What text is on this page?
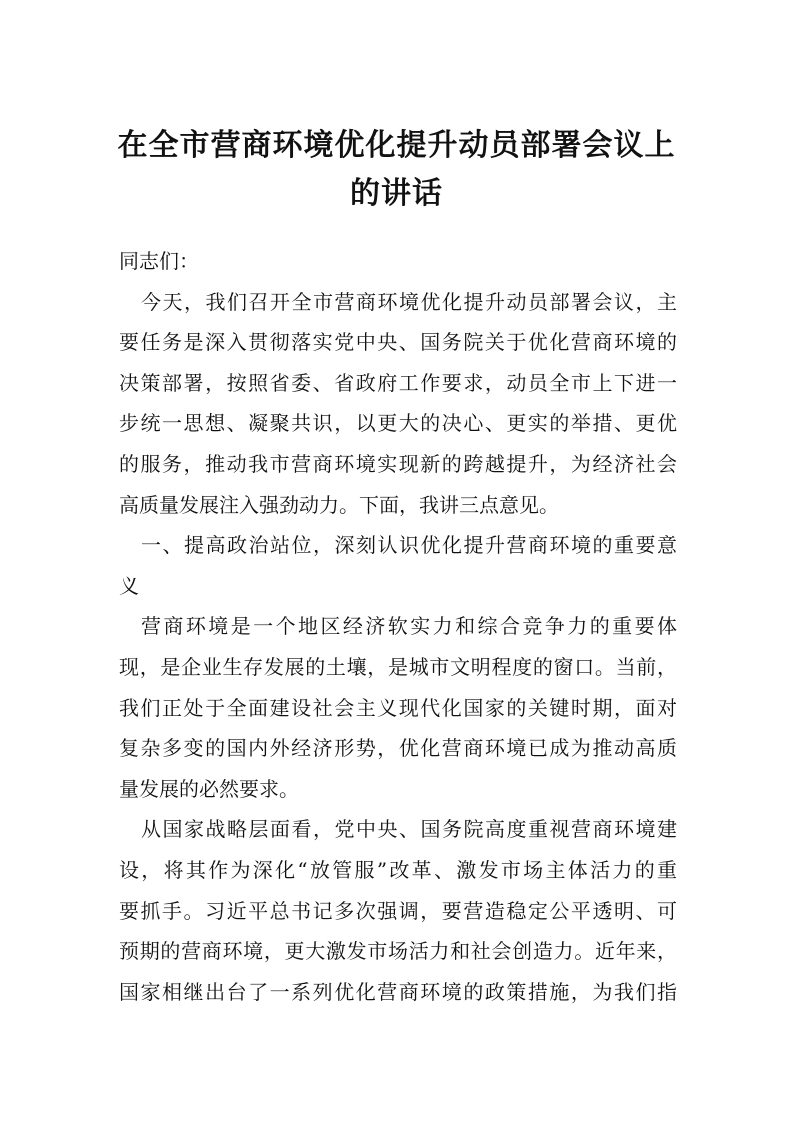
在全市营商环境优化提升动员部署会议上
的讲话
同志们：
今天，我们召开全市营商环境优化提升动员部署会议，主
要任务是深入贯彻落实党中央、国务院关于优化营商环境的
决策部署，按照省委、省政府工作要求，动员全市上下进一
步统一思想、凝聚共识，以更大的决心、更实的举措、更优
的服务，推动我市营商环境实现新的跨越提升，为经济社会
高质量发展注入强劲动力。下面，我讲三点意见。
一、提高政治站位，深刻认识优化提升营商环境的重要意
义
营商环境是一个地区经济软实力和综合竞争力的重要体
现，是企业生存发展的土壤，是城市文明程度的窗口。当前，
我们正处于全面建设社会主义现代化国家的关键时期，面对
复杂多变的国内外经济形势，优化营商环境已成为推动高质
量发展的必然要求。
从国家战略层面看，党中央、国务院高度重视营商环境建
设，将其作为深化“放管服”改革、激发市场主体活力的重
要抓手。习近平总书记多次强调，要营造稳定公平透明、可
预期的营商环境，更大激发市场活力和社会创造力。近年来，
国家相继出台了一系列优化营商环境的政策措施，为我们指
